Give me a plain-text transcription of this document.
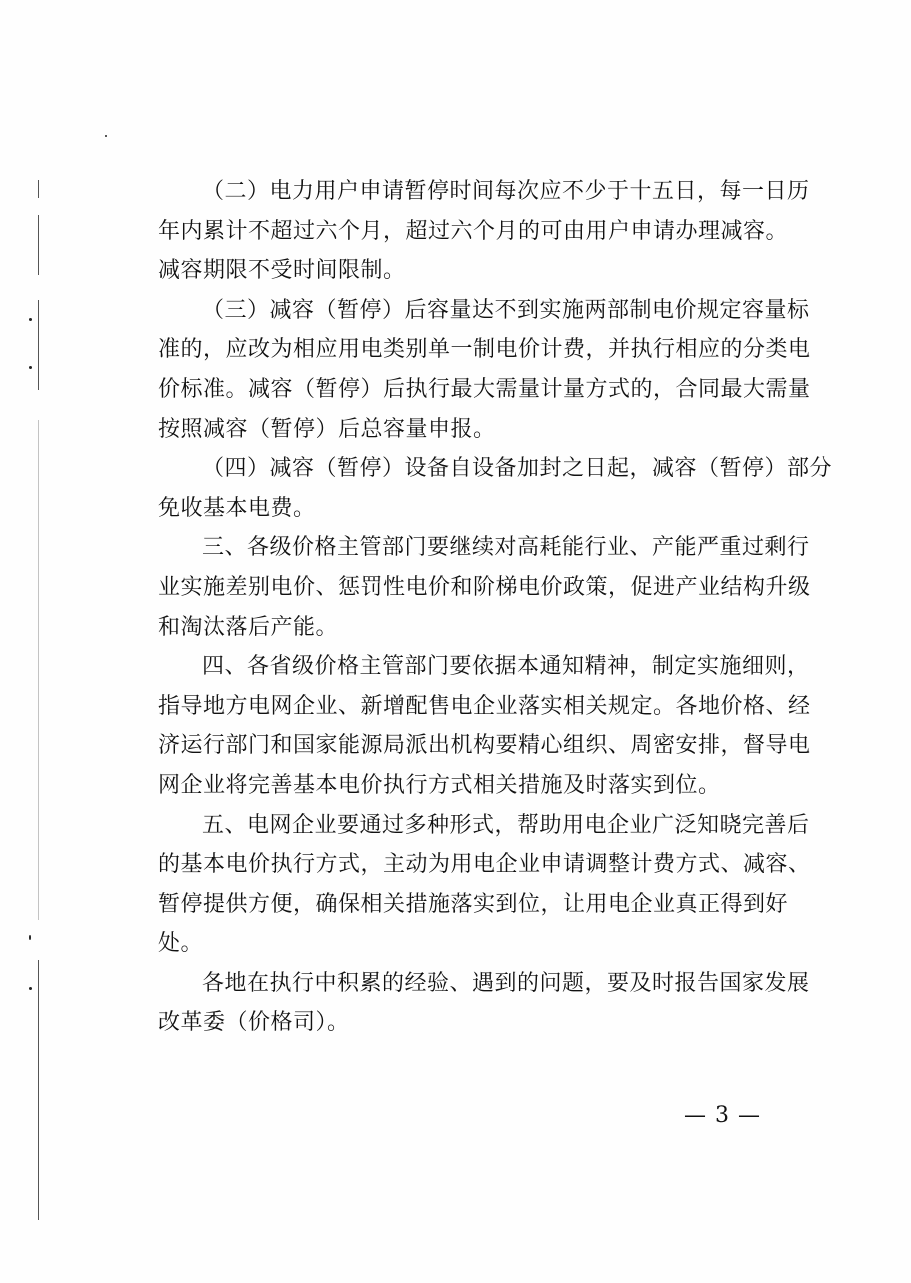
（二）电力用户申请暂停时间每次应不少于十五日，每一日历
年内累计不超过六个月，超过六个月的可由用户申请办理减容。
减容期限不受时间限制。
（三）减容（暂停）后容量达不到实施两部制电价规定容量标
准的，应改为相应用电类别单一制电价计费，并执行相应的分类电
价标准。减容（暂停）后执行最大需量计量方式的，合同最大需量
按照减容（暂停）后总容量申报。
（四）减容（暂停）设备自设备加封之日起，减容（暂停）部分
免收基本电费。
三、各级价格主管部门要继续对高耗能行业、产能严重过剩行
业实施差别电价、惩罚性电价和阶梯电价政策，促进产业结构升级
和淘汰落后产能。
四、各省级价格主管部门要依据本通知精神，制定实施细则，
指导地方电网企业、新增配售电企业落实相关规定。各地价格、经
济运行部门和国家能源局派出机构要精心组织、周密安排，督导电
网企业将完善基本电价执行方式相关措施及时落实到位。
五、电网企业要通过多种形式，帮助用电企业广泛知晓完善后
的基本电价执行方式，主动为用电企业申请调整计费方式、减容、
暂停提供方便，确保相关措施落实到位，让用电企业真正得到好
处。
各地在执行中积累的经验、遇到的问题，要及时报告国家发展
改革委（价格司）。
— 3 —
